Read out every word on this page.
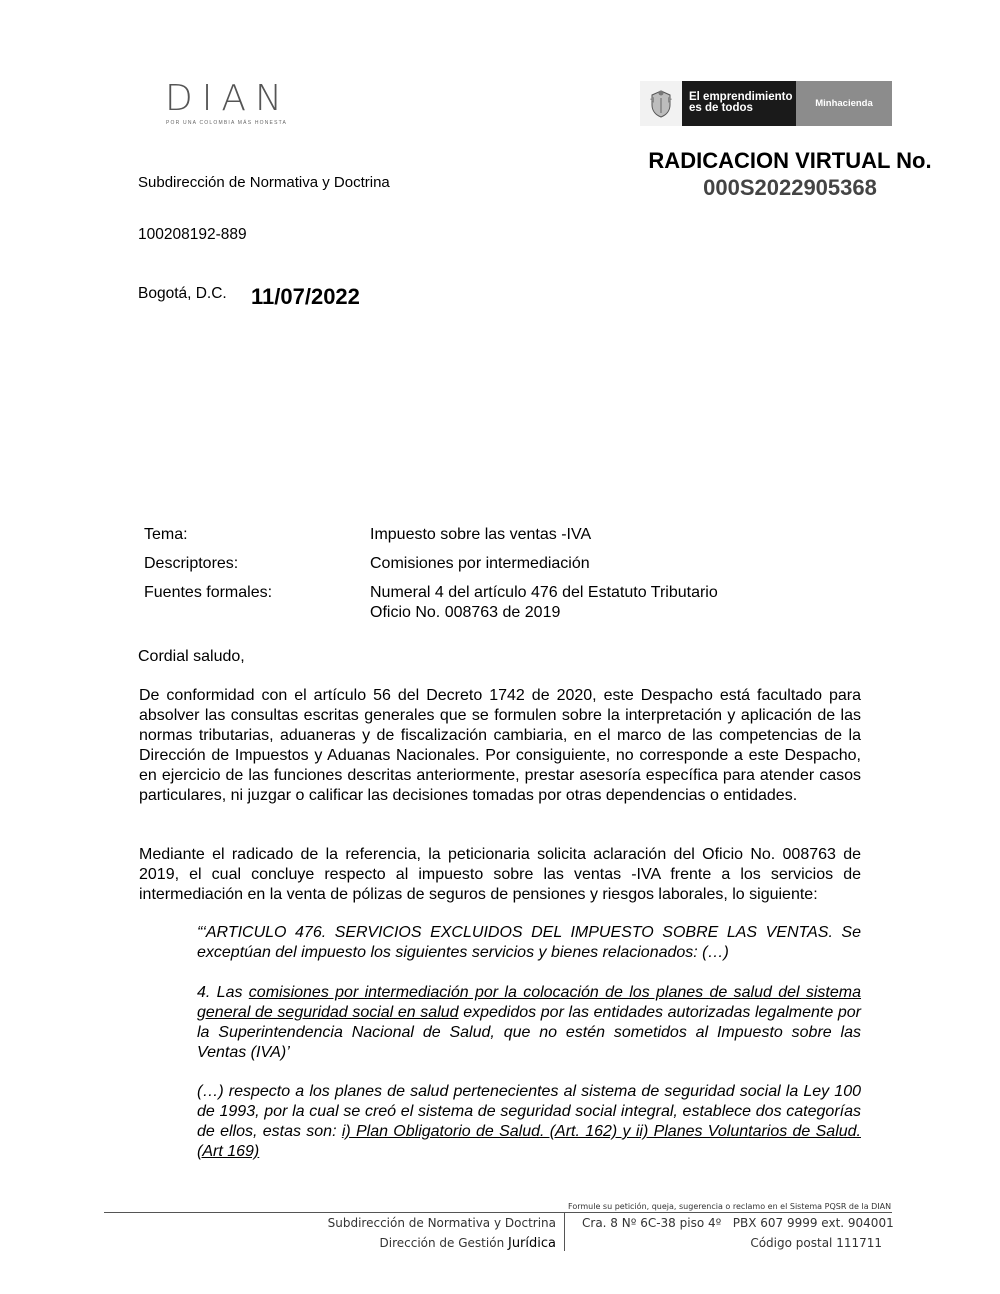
DIAN
POR UNA COLOMBIA MÁS HONESTA
El emprendimiento
es de todos	Minhacienda
Subdirección de Normativa y Doctrina
RADICACION VIRTUAL No.
000S2022905368
100208192-889
Bogotá, D.C. 11/07/2022
Tema:	Impuesto sobre las ventas -IVA
Descriptores:	Comisiones por intermediación
Fuentes formales:	Numeral 4 del artículo 476 del Estatuto Tributario
Oficio No. 008763 de 2019
Cordial saludo,
De conformidad con el artículo 56 del Decreto 1742 de 2020, este Despacho está facultado para absolver las consultas escritas generales que se formulen sobre la interpretación y aplicación de las normas tributarias, aduaneras y de fiscalización cambiaria, en el marco de las competencias de la Dirección de Impuestos y Aduanas Nacionales. Por consiguiente, no corresponde a este Despacho, en ejercicio de las funciones descritas anteriormente, prestar asesoría específica para atender casos particulares, ni juzgar o calificar las decisiones tomadas por otras dependencias o entidades.
Mediante el radicado de la referencia, la peticionaria solicita aclaración del Oficio No. 008763 de 2019, el cual concluye respecto al impuesto sobre las ventas -IVA frente a los servicios de intermediación en la venta de pólizas de seguros de pensiones y riesgos laborales, lo siguiente:
“‘ARTICULO 476. SERVICIOS EXCLUIDOS DEL IMPUESTO SOBRE LAS VENTAS. Se exceptúan del impuesto los siguientes servicios y bienes relacionados: (…)
4. Las comisiones por intermediación por la colocación de los planes de salud del sistema general de seguridad social en salud expedidos por las entidades autorizadas legalmente por la Superintendencia Nacional de Salud, que no estén sometidos al Impuesto sobre las Ventas (IVA)’
(…) respecto a los planes de salud pertenecientes al sistema de seguridad social la Ley 100 de 1993, por la cual se creó el sistema de seguridad social integral, establece dos categorías de ellos, estas son: i) Plan Obligatorio de Salud. (Art. 162) y ii) Planes Voluntarios de Salud. (Art 169)
Formule su petición, queja, sugerencia o reclamo en el Sistema PQSR de la DIAN
Subdirección de Normativa y Doctrina
Dirección de Gestión Jurídica
Cra. 8 Nº 6C-38 piso 4º PBX 607 9999 ext. 904001
Código postal 111711
